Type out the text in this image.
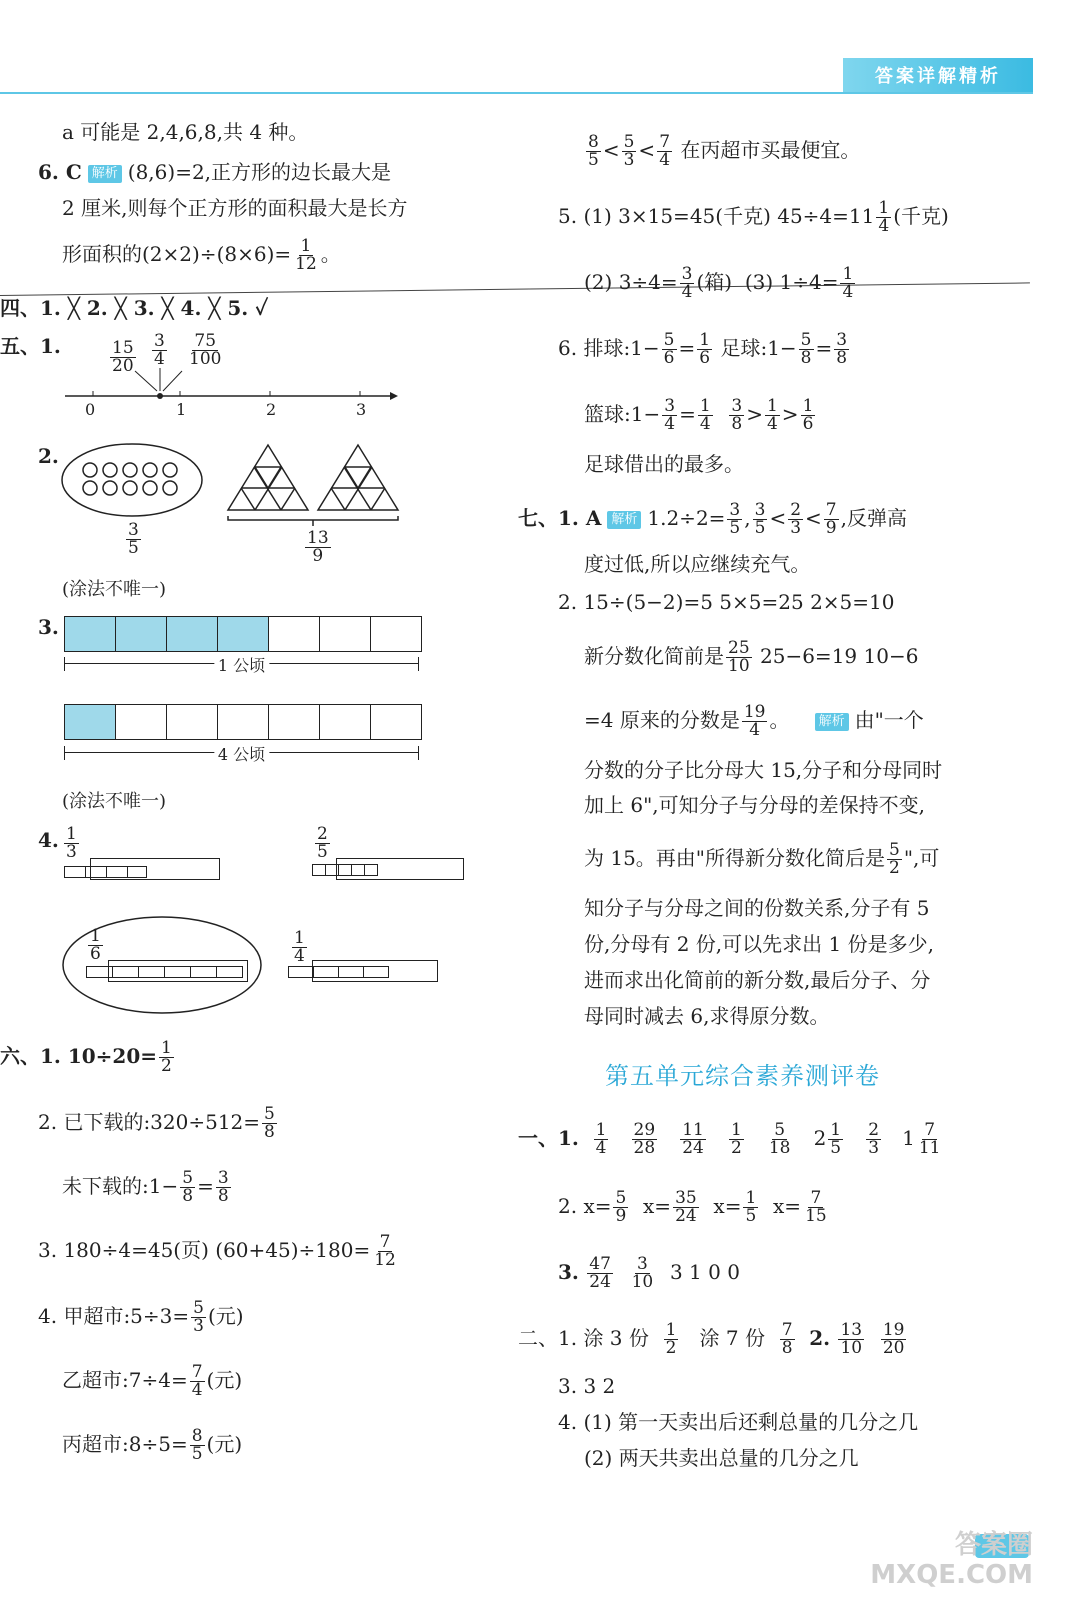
答案详解精析
a 可能是 2,4,6,8,共 4 种。
6. C 解析 (8,6)=2,正方形的边长最大是
2 厘米,则每个正方形的面积最大是长方
形面积的$(2\times 2)\div(8\times 6)= \frac{1}{12}$ 。
四、1. ╳ 2. ╳ 3. ╳ 4. ╳ 5. ✓
五、1.
0	1	2	3
$\frac{15}{20} \frac{3}{4} \frac{75}{100}$
2.
$\frac{3}{5}$	$\frac{13}{9}$
(涂法不唯一)
3.
1 公顷
4 公顷
(涂法不唯一)
4. $\frac{1}{3}$	$\frac{2}{5}$
$\frac{1}{6}$	$\frac{1}{4}$
六、1. $10\div 20= \frac{1}{2}$
2. 已下载的:320÷512= $\frac{5}{8}$
未下载的:1− $\frac{5}{8} = \frac{3}{8}$
3. 180÷4=45(页) $(60+45)\div 180= \frac{7}{12}$
4. 甲超市:5÷3= $\frac{5}{3}$ (元)
乙超市:7÷4= $\frac{7}{4}$ (元)
丙超市:8÷5= $\frac{8}{5}$ (元)
$\frac{8}{5} < \frac{5}{3} < \frac{7}{4}$ 在丙超市买最便宜。
5. (1) 3×15=45(千克) $45\div 4=11 \frac{1}{4}$ (千克)
(2) $3\div 4= \frac{3}{4}$ (箱) (3) $1\div 4= \frac{1}{4}$
6. 排球:1− $\frac{5}{6} = \frac{1}{6}$ 足球:1− $\frac{5}{8} = \frac{3}{8}$
篮球:1− $\frac{3}{4} = \frac{1}{4}$
$\frac{3}{8} > \frac{1}{4} > \frac{1}{6}$
足球借出的最多。
七、1. A 解析 $1.2\div 2= \frac{3}{5}$ , $\frac{3}{5} < \frac{2}{3} < \frac{7}{9}$ ,反弹高
度过低,所以应继续充气。
2. 15÷(5−2)=5 5×5=25 2×5=10
新分数化简前是 $\frac{25}{10} 25-6=19$ 10−6
=4 原来的分数是 $\frac{19}{4}$ 。 解析 由"一个
分数的分子比分母大 15,分子和分母同时
加上 6",可知分子与分母的差保持不变,
为 15。再由"所得新分数化简后是 $\frac{5}{2}$ ",可
知分子与分母之间的份数关系,分子有 5
份,分母有 2 份,可以先求出 1 份是多少,
进而求出化简前的新分数,最后分子、分
母同时减去 6,求得原分数。
第五单元综合素养测评卷
一、1. $\frac{1}{4}$
$\frac{29}{28}$
$\frac{11}{24}$
$\frac{1}{2}$
$\frac{5}{18} 2 \frac{1}{5}$
$\frac{2}{3} 1 \frac{7}{11}$
2. $x= \frac{5}{9} x= \frac{35}{24} x= \frac{1}{5} x= \frac{7}{15}$
3. $\frac{47}{24}$
$\frac{3}{10} 3$ 1 0 0
二、1. 涂 3 份 $\frac{1}{2}$ 涂 7 份 $\frac{7}{8} 2$. $\frac{13}{10}$
$\frac{19}{20}$
3. 3 2
4. (1) 第一天卖出后还剩总量的几分之几
(2) 两天共卖出总量的几分之几
答案圈
MXQE.COM
